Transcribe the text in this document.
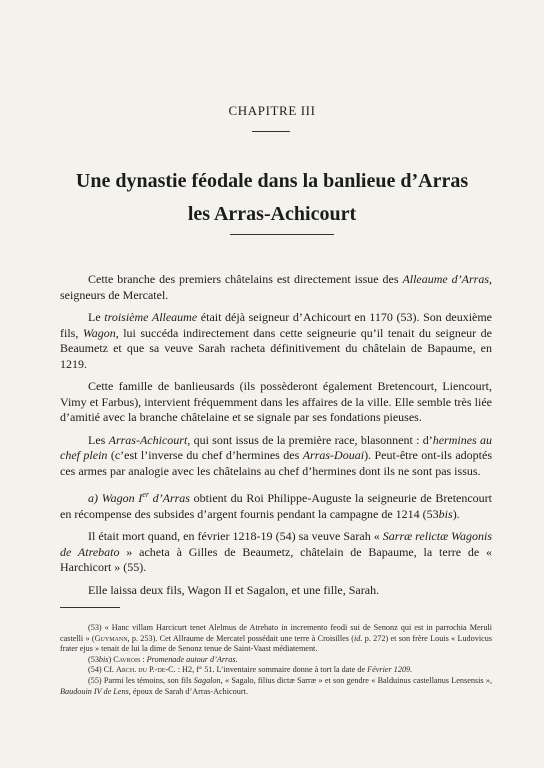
CHAPITRE III
Une dynastie féodale dans la banlieue d’Arras
les Arras-Achicourt

Cette branche des premiers châtelains est directement issue des Alleaume d’Arras, seigneurs de Mercatel.

Le troisième Alleaume était déjà seigneur d’Achicourt en 1170 (53). Son deuxième fils, Wagon, lui succéda indirectement dans cette seigneurie qu’il tenait du seigneur de Beaumetz et que sa veuve Sarah racheta définitivement du châtelain de Bapaume, en 1219.

Cette famille de banlieusards (ils possèderont également Bretencourt, Liencourt, Vimy et Farbus), intervient fréquemment dans les affaires de la ville. Elle semble très liée d’amitié avec la branche châtelaine et se signale par ses fondations pieuses.

Les Arras-Achicourt, qui sont issus de la première race, blasonnent : d’hermines au chef plein (c’est l’inverse du chef d’hermines des Arras-Douai). Peut-être ont-ils adoptés ces armes par analogie avec les châtelains au chef d’hermines dont ils ne sont pas issus.

a) Wagon Ier d’Arras obtient du Roi Philippe-Auguste la seigneurie de Bretencourt en récompense des subsides d’argent fournis pendant la campagne de 1214 (53bis).

Il était mort quand, en février 1218-19 (54) sa veuve Sarah « Sarræ relictæ Wagonis de Atrebato » acheta à Gilles de Beaumetz, châtelain de Bapaume, la terre de « Harchicort » (55).

Elle laissa deux fils, Wagon II et Sagalon, et une fille, Sarah.

(53) « Hanc villam Harcicurt tenet Alelmus de Atrebato in incremento feodi sui de Senonz qui est in parrochia Meruli castelli » (Guymann, p. 253). Cet Allraume de Mercatel possédait une terre à Croisilles (id. p. 272) et son frère Louis « Ludovicus frater ejus » tenait de lui la dime de Senonz tenue de Saint-Vaast médiatement.

(53bis) Cavrois : Promenade autour d’Arras.

(54) Cf. Arch. du P.-de-C. : H2, f° 51. L’inventaire sommaire donne à tort la date de Février 1209.

(55) Parmi les témoins, son fils Sagalon, « Sagalo, filius dictæ Sarræ » et son gendre « Balduinus castellanus Lensensis », Baudouin IV de Lens, époux de Sarah d’Arras-Achicourt.
